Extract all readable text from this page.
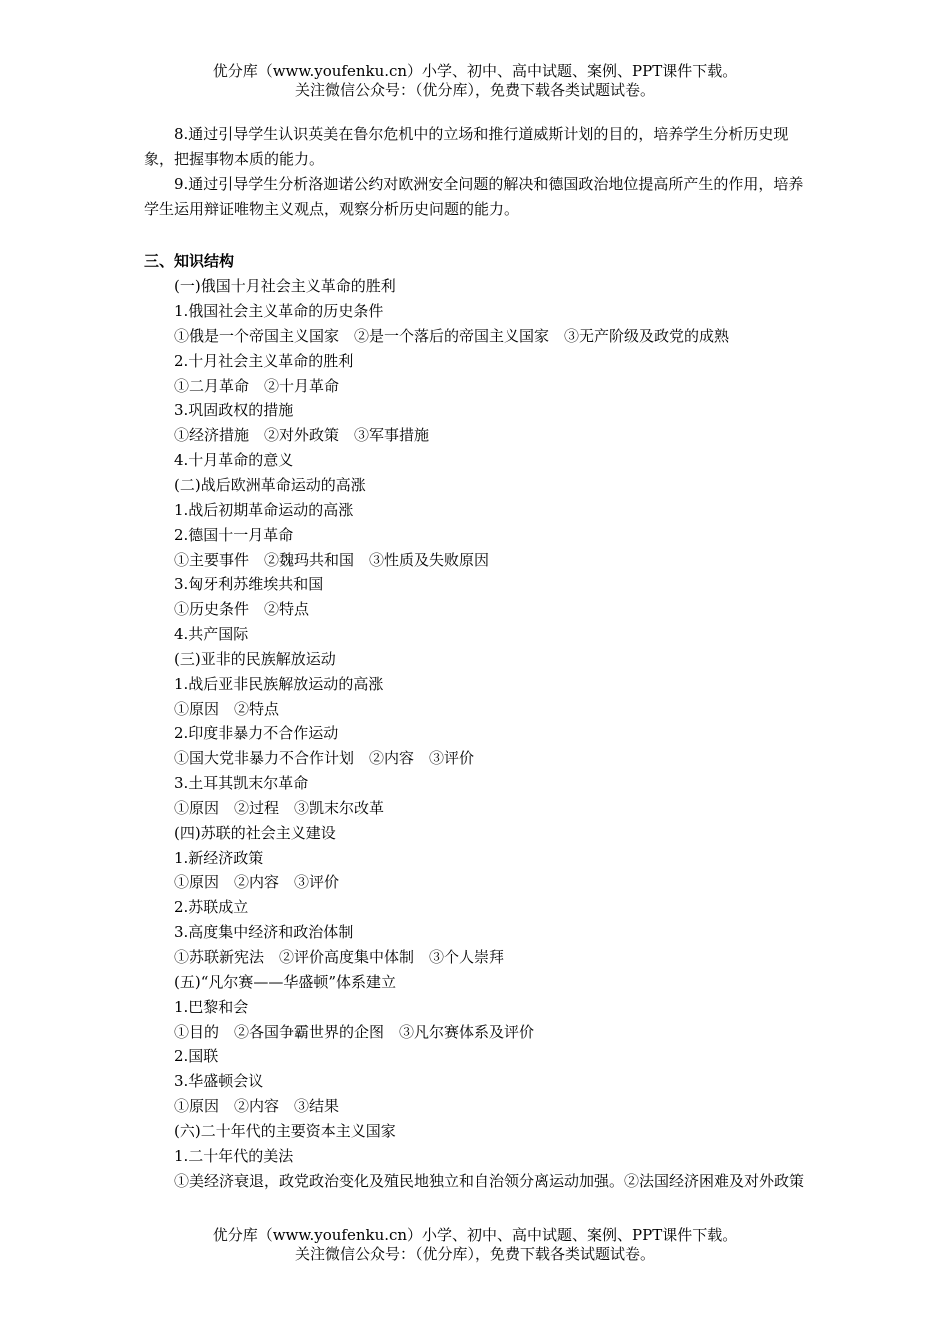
优分库（www.youfenku.cn）小学、初中、高中试题、案例、PPT课件下载。
关注微信公众号：（优分库），免费下载各类试题试卷。

8.通过引导学生认识英美在鲁尔危机中的立场和推行道威斯计划的目的，培养学生分析历史现象，把握事物本质的能力。

9.通过引导学生分析洛迦诺公约对欧洲安全问题的解决和德国政治地位提高所产生的作用，培养学生运用辩证唯物主义观点，观察分析历史问题的能力。

三、知识结构

(一)俄国十月社会主义革命的胜利

1.俄国社会主义革命的历史条件

①俄是一个帝国主义国家　②是一个落后的帝国主义国家　③无产阶级及政党的成熟

2.十月社会主义革命的胜利

①二月革命　②十月革命

3.巩固政权的措施

①经济措施　②对外政策　③军事措施

4.十月革命的意义

(二)战后欧洲革命运动的高涨

1.战后初期革命运动的高涨

2.德国十一月革命

①主要事件　②魏玛共和国　③性质及失败原因

3.匈牙利苏维埃共和国

①历史条件　②特点

4.共产国际

(三)亚非的民族解放运动

1.战后亚非民族解放运动的高涨

①原因　②特点

2.印度非暴力不合作运动

①国大党非暴力不合作计划　②内容　③评价

3.土耳其凯末尔革命

①原因　②过程　③凯末尔改革

(四)苏联的社会主义建设

1.新经济政策

①原因　②内容　③评价

2.苏联成立

3.高度集中经济和政治体制

①苏联新宪法　②评价高度集中体制　③个人崇拜

(五)“凡尔赛——华盛顿”体系建立

1.巴黎和会

①目的　②各国争霸世界的企图　③凡尔赛体系及评价

2.国联

3.华盛顿会议

①原因　②内容　③结果

(六)二十年代的主要资本主义国家

1.二十年代的美法

①美经济衰退，政党政治变化及殖民地独立和自治领分离运动加强。②法国经济困难及对外政策

优分库（www.youfenku.cn）小学、初中、高中试题、案例、PPT课件下载。
关注微信公众号：（优分库），免费下载各类试题试卷。
